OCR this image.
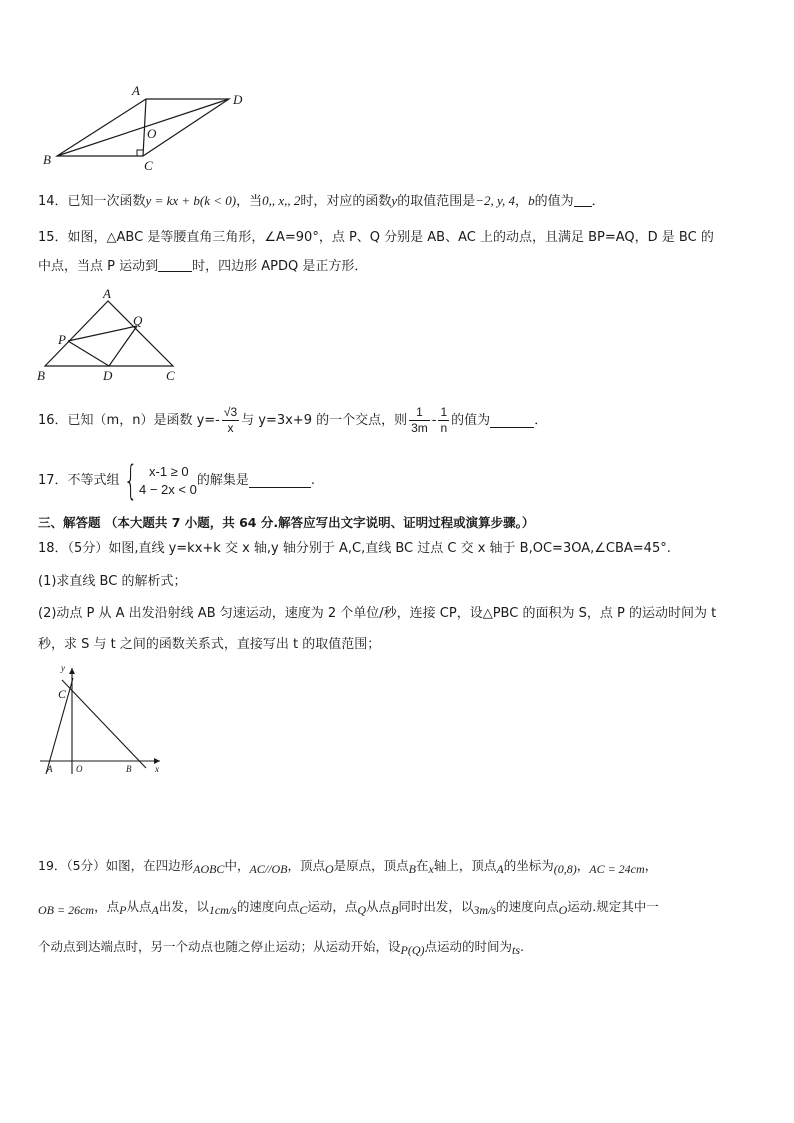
A
D
O
B	C
14．已知一次函数y = kx + b(k < 0)，当0,, x,, 2时，对应的函数y的取值范围是−2, y, 4，b的值为 ．
15．如图，△ABC 是等腰直角三角形，∠A=90°，点 P、Q 分别是 AB、AC 上的动点，且满足 BP=AQ，D 是 BC 的
中点，当点 P 运动到	时，四边形 APDQ 是正方形．
A
Q
P
B	D	C
16．已知（m，n）是函数 $y=- \frac{√3}{x}$ 与 y=3x+9 的一个交点，则 $\frac{1}{3m} - \frac{1}{n}$ 的值为	．
17．不等式组{ x-1 ≥ 0
4 − 2x < 0
的解集是	.
三、解答题 （本大题共 7 小题，共 64 分.解答应写出文字说明、证明过程或演算步骤。）
18．（5分）如图,直线 y=kx+k 交 x 轴,y 轴分别于 A,C,直线 BC 过点 C 交 x 轴于 B,OC=3OA,∠CBA=45°.
(1)求直线 BC 的解析式；
(2)动点 P 从 A 出发沿射线 AB 匀速运动，速度为 2 个单位/秒，连接 CP，设△PBC 的面积为 S，点 P 的运动时间为 t
秒，求 S 与 t 之间的函数关系式，直接写出 t 的取值范围；
y
C
A	O	B	x
19．（5分）如图，在四边形AOBC中，AC//OB，顶点O是原点，顶点B在x轴上，顶点A的坐标为(0,8)，AC = 24cm，
OB = 26cm，点P从点A出发，以1cm/s的速度向点C运动，点Q从点B同时出发，以3m/s的速度向点O运动.规定其中一
个动点到达端点时，另一个动点也随之停止运动；从运动开始，设P(Q)点运动的时间为ts.
